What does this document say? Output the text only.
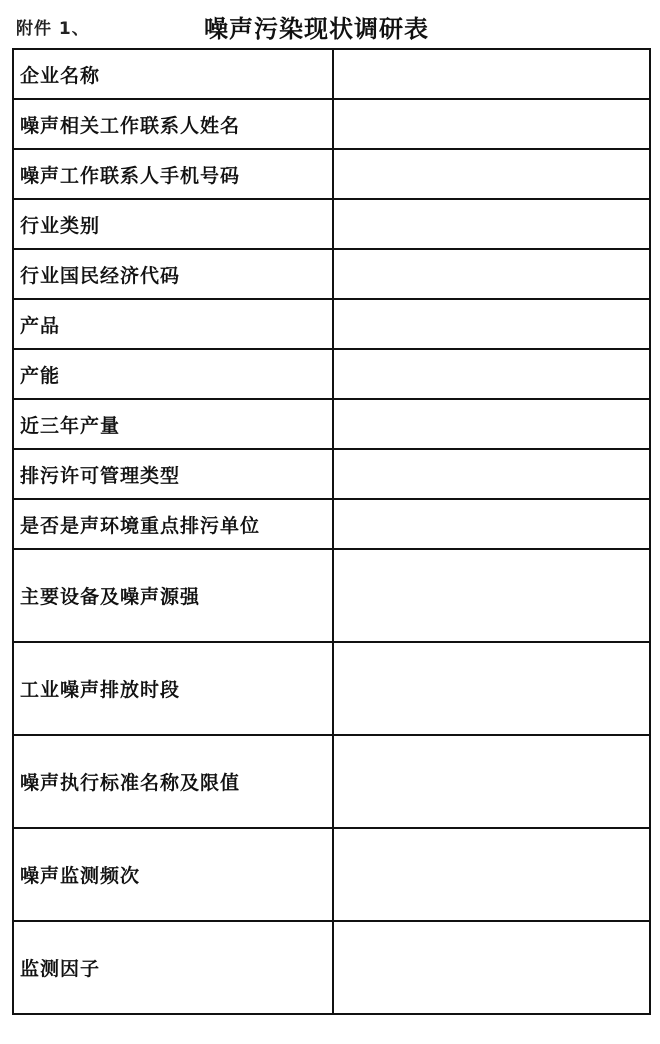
附件 1、	噪声污染现状调研表
企业名称	
噪声相关工作联系人姓名	
噪声工作联系人手机号码	
行业类别	
行业国民经济代码	
产品	
产能	
近三年产量	
排污许可管理类型	
是否是声环境重点排污单位	
主要设备及噪声源强	
工业噪声排放时段	
噪声执行标准名称及限值	
噪声监测频次	
监测因子	
